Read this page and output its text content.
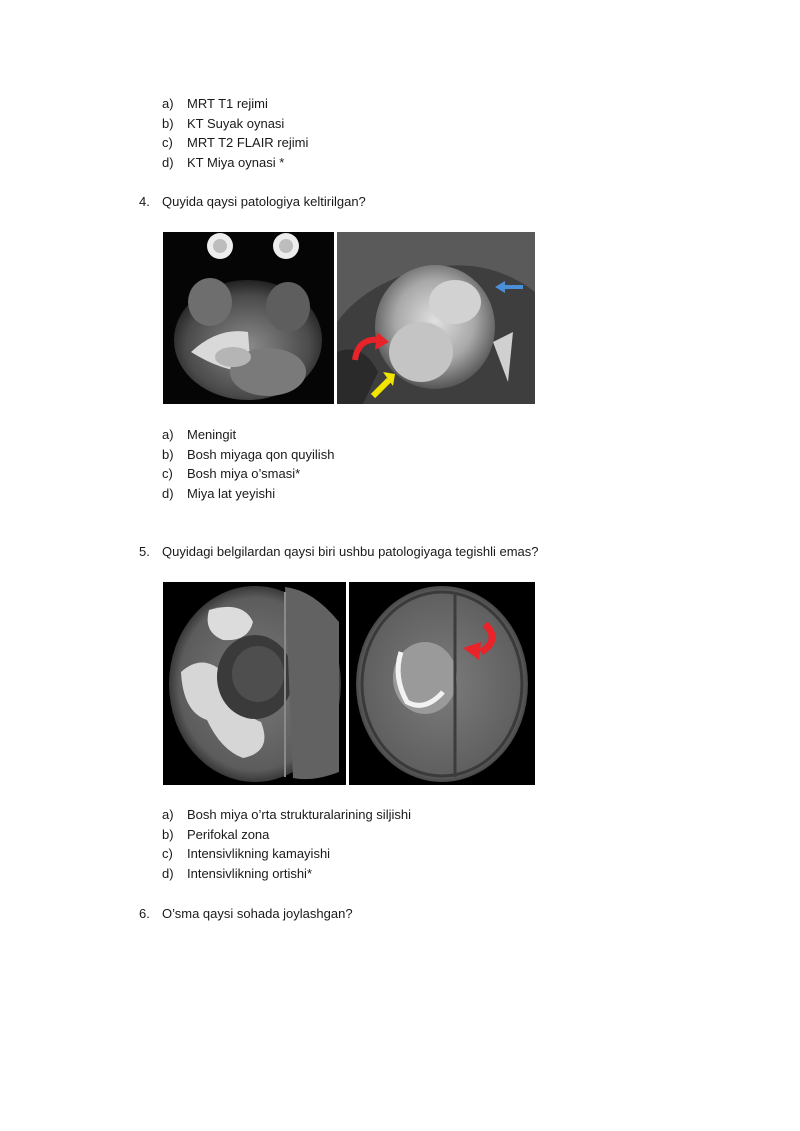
a) MRT T1 rejimi
b) KT Suyak oynasi
c) MRT T2 FLAIR rejimi
d) KT Miya oynasi *
4. Quyida qaysi patologiya keltirilgan?
a) Meningit
b) Bosh miyaga qon quyilish
c) Bosh miya o’smasi*
d) Miya lat yeyishi
5. Quyidagi belgilardan qaysi biri ushbu patologiyaga tegishli emas?
a) Bosh miya o’rta strukturalarining siljishi
b) Perifokal zona
c) Intensivlikning kamayishi
d) Intensivlikning ortishi*
6. O’sma qaysi sohada joylashgan?
